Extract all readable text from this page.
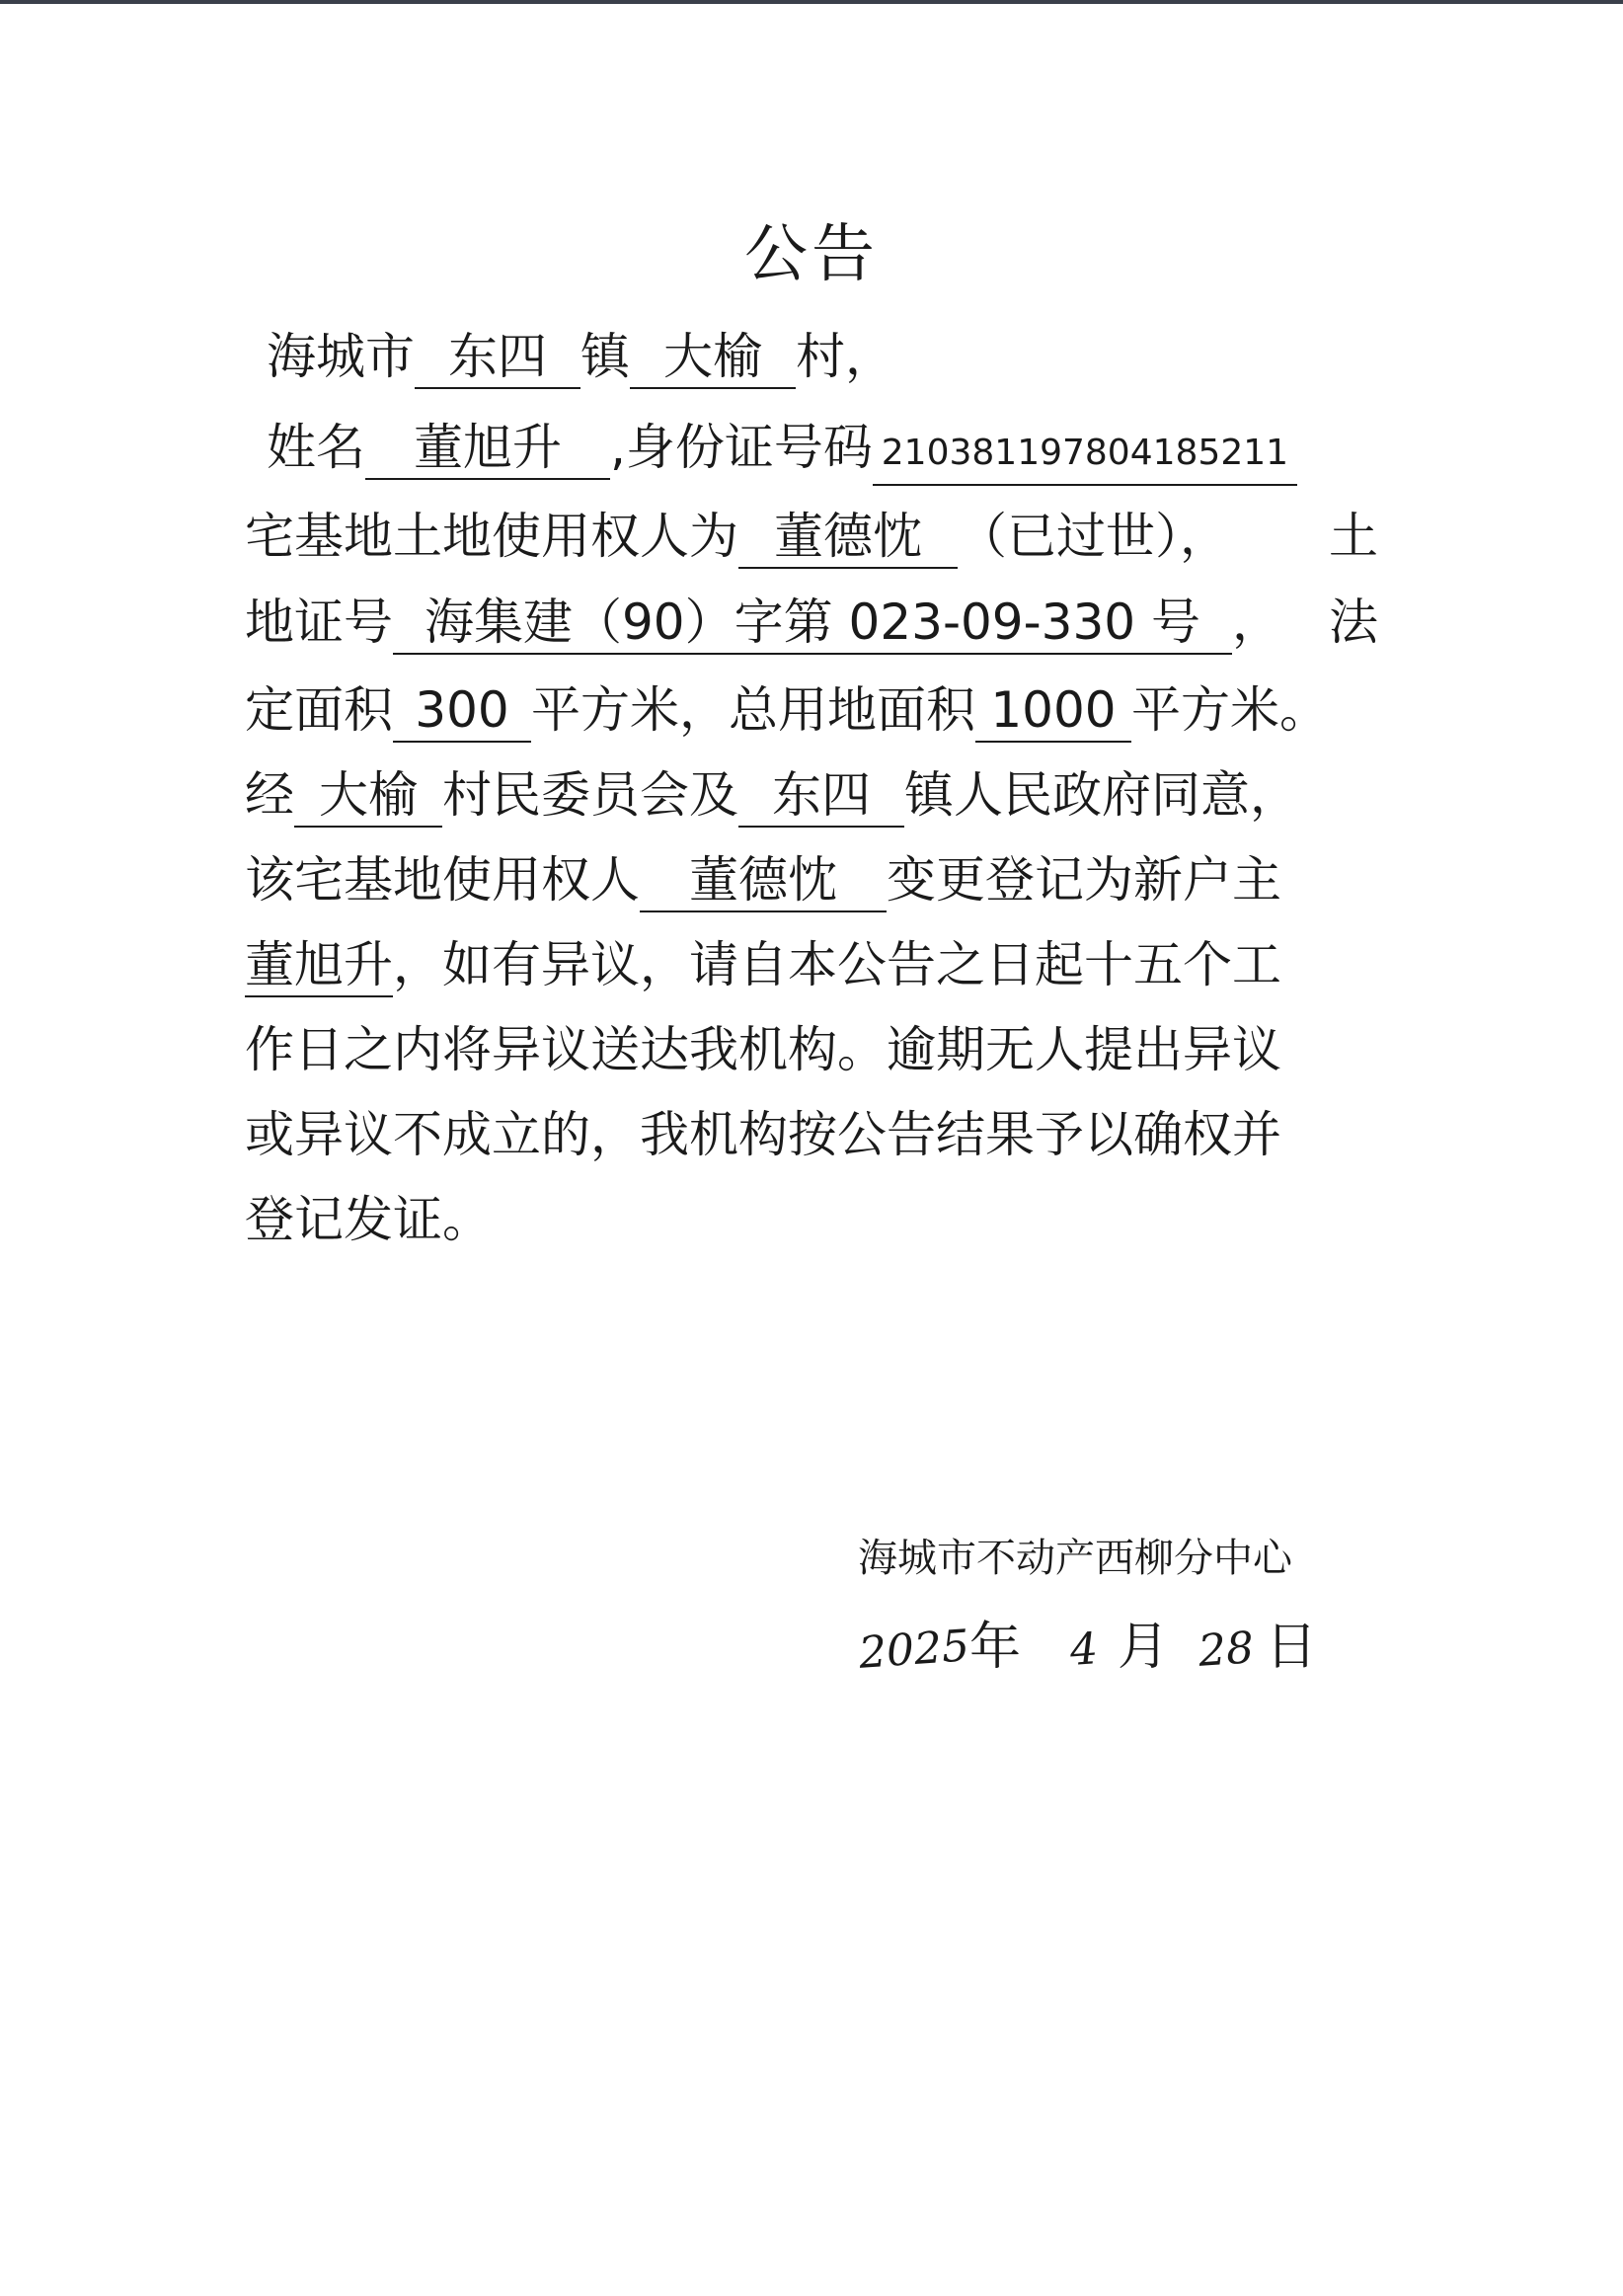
公告
海城市 东四 镇 大榆 村，
姓名 董旭升 ,身份证号码 210381197804185211
宅基地土地使用权人为 董德忱 （已过世）， 土
地证号 海集建（90）字第 023-09-330 号 ， 法
定面积 300 平方米，总用地面积 1000 平方米。
经 大榆 村民委员会及 东四 镇人民政府同意，
该宅基地使用权人 董德忱 变更登记为新户主
董旭升，如有异议，请自本公告之日起十五个工
作日之内将异议送达我机构。逾期无人提出异议
或异议不成立的，我机构按公告结果予以确权并
登记发证。
海城市不动产西柳分中心
2025年 4 月 28 日
